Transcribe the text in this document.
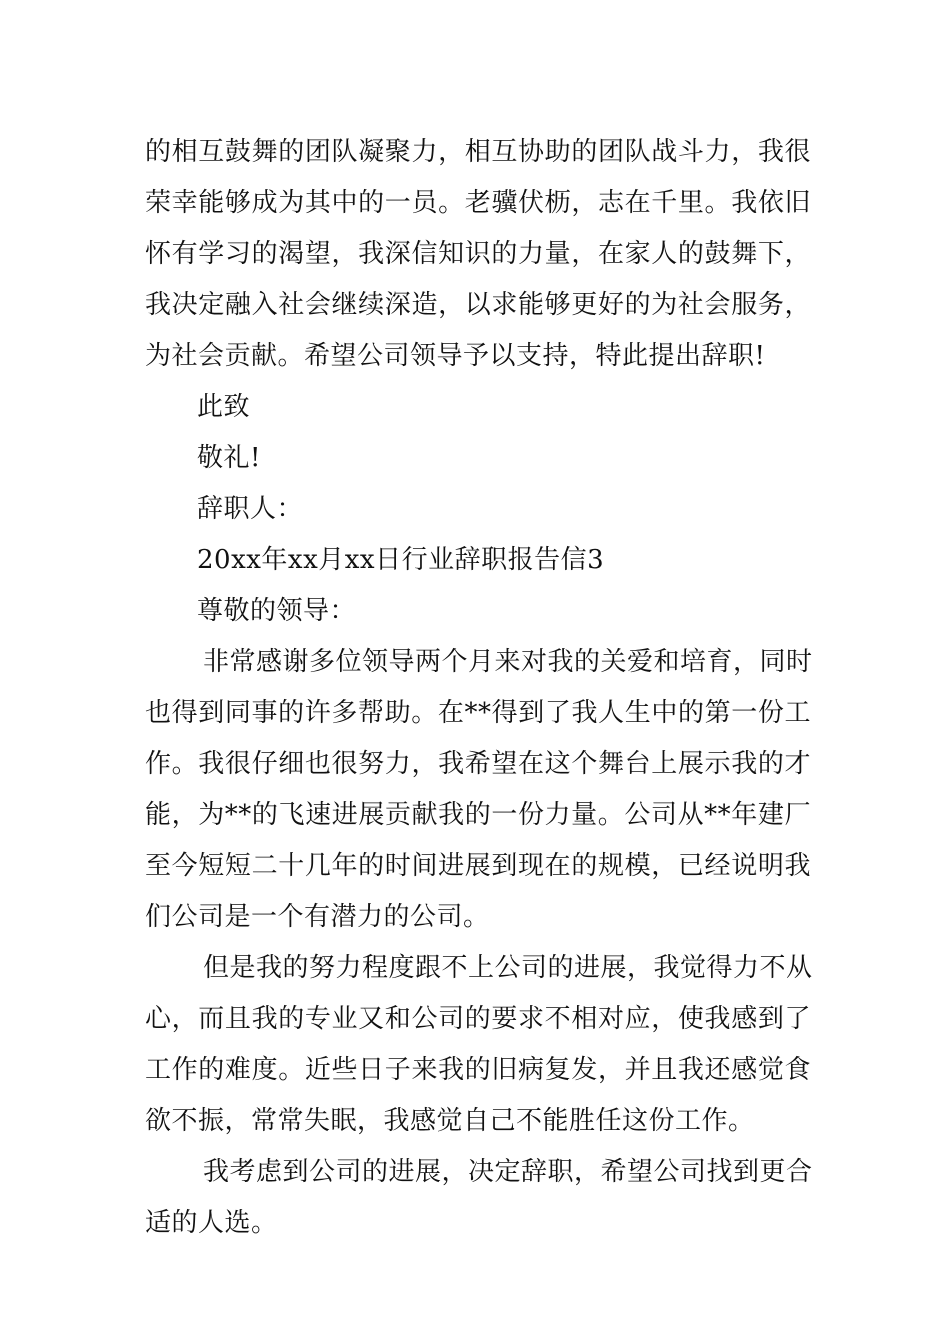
的相互鼓舞的团队凝聚力，相互协助的团队战斗力，我很
荣幸能够成为其中的一员。老骥伏枥，志在千里。我依旧
怀有学习的渴望，我深信知识的力量，在家人的鼓舞下，
我决定融入社会继续深造，以求能够更好的为社会服务，
为社会贡献。希望公司领导予以支持，特此提出辞职!
此致
敬礼!
辞职人：
20xx年xx月xx日行业辞职报告信3
尊敬的领导：
非常感谢多位领导两个月来对我的关爱和培育，同时
也得到同事的许多帮助。在**得到了我人生中的第一份工
作。我很仔细也很努力，我希望在这个舞台上展示我的才
能，为**的飞速进展贡献我的一份力量。公司从**年建厂
至今短短二十几年的时间进展到现在的规模，已经说明我
们公司是一个有潜力的公司。
但是我的努力程度跟不上公司的进展，我觉得力不从
心，而且我的专业又和公司的要求不相对应，使我感到了
工作的难度。近些日子来我的旧病复发，并且我还感觉食
欲不振，常常失眠，我感觉自己不能胜任这份工作。
我考虑到公司的进展，决定辞职，希望公司找到更合
适的人选。
